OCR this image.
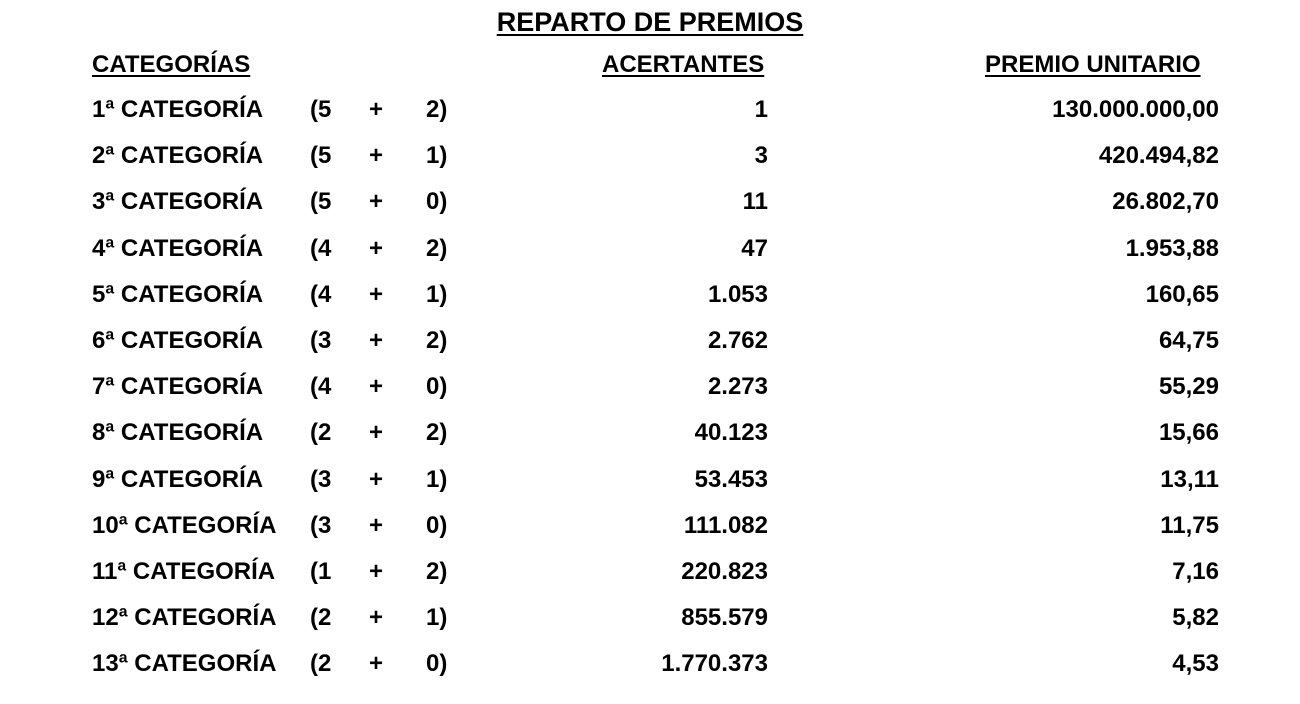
REPARTO DE PREMIOS
CATEGORÍAS	ACERTANTES	PREMIO UNITARIO
1ª CATEGORÍA (5	+ 2)	1	130.000.000,00
2ª CATEGORÍA (5	+ 1)	3	420.494,82
3ª CATEGORÍA (5	+ 0)	11	26.802,70
4ª CATEGORÍA (4	+ 2)	47	1.953,88
5ª CATEGORÍA (4	+ 1)	1.053	160,65
6ª CATEGORÍA (3	+ 2)	2.762	64,75
7ª CATEGORÍA (4	+ 0)	2.273	55,29
8ª CATEGORÍA (2	+ 2)	40.123	15,66
9ª CATEGORÍA (3	+ 1)	53.453	13,11
10ª CATEGORÍA (3	+ 0)	111.082	11,75
11ª CATEGORÍA (1	+ 2)	220.823	7,16
12ª CATEGORÍA (2	+ 1)	855.579	5,82
13ª CATEGORÍA (2	+ 0)	1.770.373	4,53
